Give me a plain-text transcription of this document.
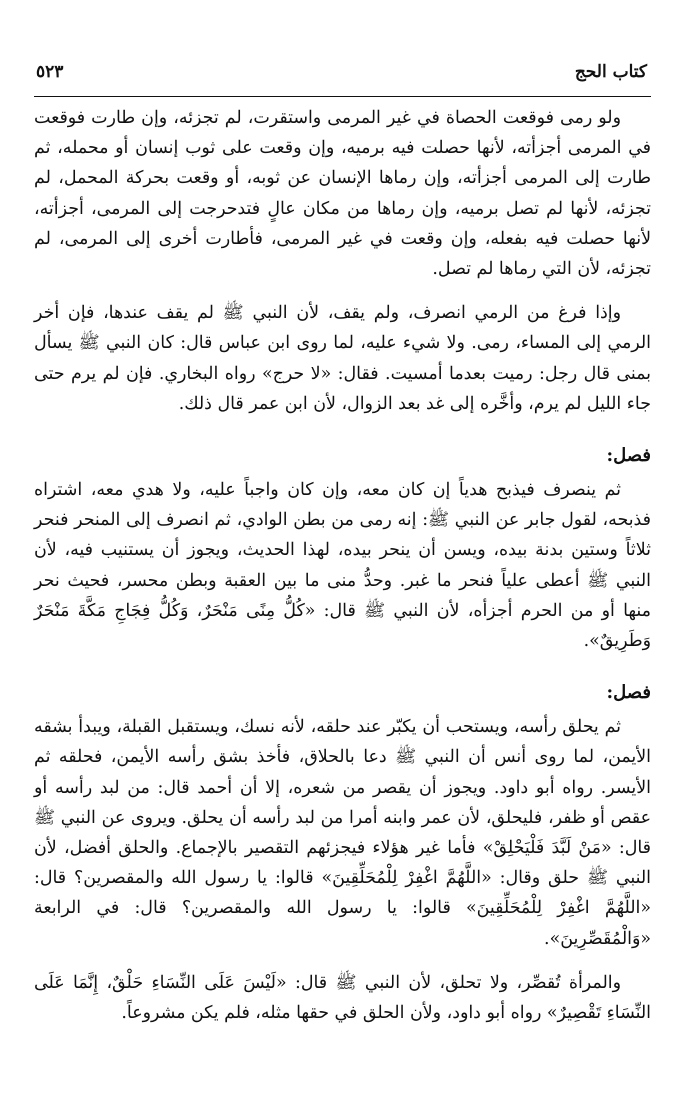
كتاب الحج
٥٢٣

ولو رمى فوقعت الحصاة في غير المرمى واستقرت، لم تجزئه، وإن طارت فوقعت في المرمى أجزأته، لأنها حصلت فيه برميه، وإن وقعت على ثوب إنسان أو محمله، ثم طارت إلى المرمى أجزأته، وإن رماها الإنسان عن ثوبه، أو وقعت بحركة المحمل، لم تجزئه، لأنها لم تصل برميه، وإن رماها من مكان عالٍ فتدحرجت إلى المرمى، أجزأته، لأنها حصلت فيه بفعله، وإن وقعت في غير المرمى، فأطارت أخرى إلى المرمى، لم تجزئه، لأن التي رماها لم تصل.

وإذا فرغ من الرمي انصرف، ولم يقف، لأن النبي ﷺ لم يقف عندها، فإن أخر الرمي إلى المساء، رمى. ولا شيء عليه، لما روى ابن عباس قال: كان النبي ﷺ يسأل بمنى قال رجل: رميت بعدما أمسيت. فقال: «لا حرج» رواه البخاري. فإن لم يرم حتى جاء الليل لم يرم، وأخَّره إلى غد بعد الزوال، لأن ابن عمر قال ذلك.

فصل:

ثم ينصرف فيذبح هدياً إن كان معه، وإن كان واجباً عليه، ولا هدي معه، اشتراه فذبحه، لقول جابر عن النبي ﷺ: إنه رمى من بطن الوادي، ثم انصرف إلى المنحر فنحر ثلاثاً وستين بدنة بيده، ويسن أن ينحر بيده، لهذا الحديث، ويجوز أن يستنيب فيه، لأن النبي ﷺ أعطى علياً فنحر ما غبر. وحدُّ منى ما بين العقبة وبطن محسر، فحيث نحر منها أو من الحرم أجزأه، لأن النبي ﷺ قال: «كُلُّ مِنًى مَنْحَرٌ، وَكُلُّ فِجَاجِ مَكَّةَ مَنْحَرٌ وَطَرِيقٌ».

فصل:

ثم يحلق رأسه، ويستحب أن يكبّر عند حلقه، لأنه نسك، ويستقبل القبلة، ويبدأ بشقه الأيمن، لما روى أنس أن النبي ﷺ دعا بالحلاق، فأخذ بشق رأسه الأيمن، فحلقه ثم الأيسر. رواه أبو داود. ويجوز أن يقصر من شعره، إلا أن أحمد قال: من لبد رأسه أو عقص أو ظفر، فليحلق، لأن عمر وابنه أمرا من لبد رأسه أن يحلق. ويروى عن النبي ﷺ قال: «مَنْ لَبَّدَ فَلْيَحْلِقْ» فأما غير هؤلاء فيجزئهم التقصير بالإجماع. والحلق أفضل، لأن النبي ﷺ حلق وقال: «اللَّهُمَّ اغْفِرْ لِلْمُحَلِّقِينَ» قالوا: يا رسول الله والمقصرين؟ قال: «اللَّهُمَّ اغْفِرْ لِلْمُحَلِّقِينَ» قالوا: يا رسول الله والمقصرين؟ قال: في الرابعة «وَالْمُقَصِّرِينَ».

والمرأة تُقصِّر، ولا تحلق، لأن النبي ﷺ قال: «لَيْسَ عَلَى النِّسَاءِ حَلْقٌ، إِنَّمَا عَلَى النِّسَاءِ تَقْصِيرٌ» رواه أبو داود، ولأن الحلق في حقها مثله، فلم يكن مشروعاً.
